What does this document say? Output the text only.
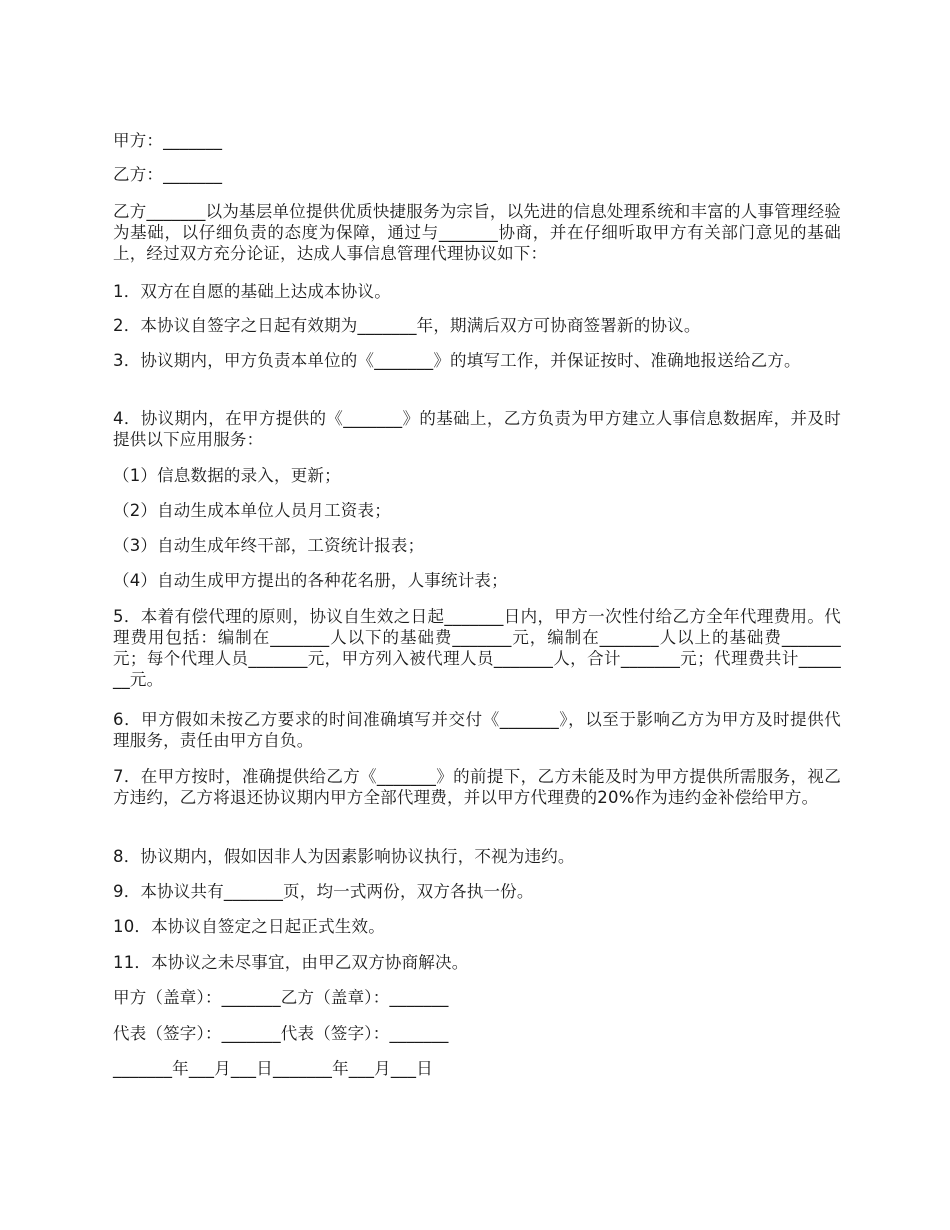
甲方：_______

乙方：_______

乙方_______以为基层单位提供优质快捷服务为宗旨，以先进的信息处理系统和丰富的人事管理经验为基础，以仔细负责的态度为保障，通过与_______协商，并在仔细听取甲方有关部门意见的基础上，经过双方充分论证，达成人事信息管理代理协议如下：

1．双方在自愿的基础上达成本协议。

2．本协议自签字之日起有效期为_______年，期满后双方可协商签署新的协议。

3．协议期内，甲方负责本单位的《_______》的填写工作，并保证按时、准确地报送给乙方。

4．协议期内，在甲方提供的《_______》的基础上，乙方负责为甲方建立人事信息数据库，并及时提供以下应用服务：

（1）信息数据的录入，更新；

（2）自动生成本单位人员月工资表；

（3）自动生成年终干部，工资统计报表；

（4）自动生成甲方提出的各种花名册，人事统计表；

5．本着有偿代理的原则，协议自生效之日起_______日内，甲方一次性付给乙方全年代理费用。代理费用包括：编制在_______人以下的基础费_______元，编制在_______人以上的基础费_______元；每个代理人员_______元，甲方列入被代理人员_______人，合计_______元；代理费共计_______元。

6．甲方假如未按乙方要求的时间准确填写并交付《_______》，以至于影响乙方为甲方及时提供代理服务，责任由甲方自负。

7．在甲方按时，准确提供给乙方《_______》的前提下，乙方未能及时为甲方提供所需服务，视乙方违约，乙方将退还协议期内甲方全部代理费，并以甲方代理费的20%作为违约金补偿给甲方。

8．协议期内，假如因非人为因素影响协议执行，不视为违约。

9．本协议共有_______页，均一式两份，双方各执一份。

10．本协议自签定之日起正式生效。

11．本协议之未尽事宜，由甲乙双方协商解决。

甲方（盖章）：_______乙方（盖章）：_______

代表（签字）：_______代表（签字）：_______

_______年___月___日_______年___月___日
